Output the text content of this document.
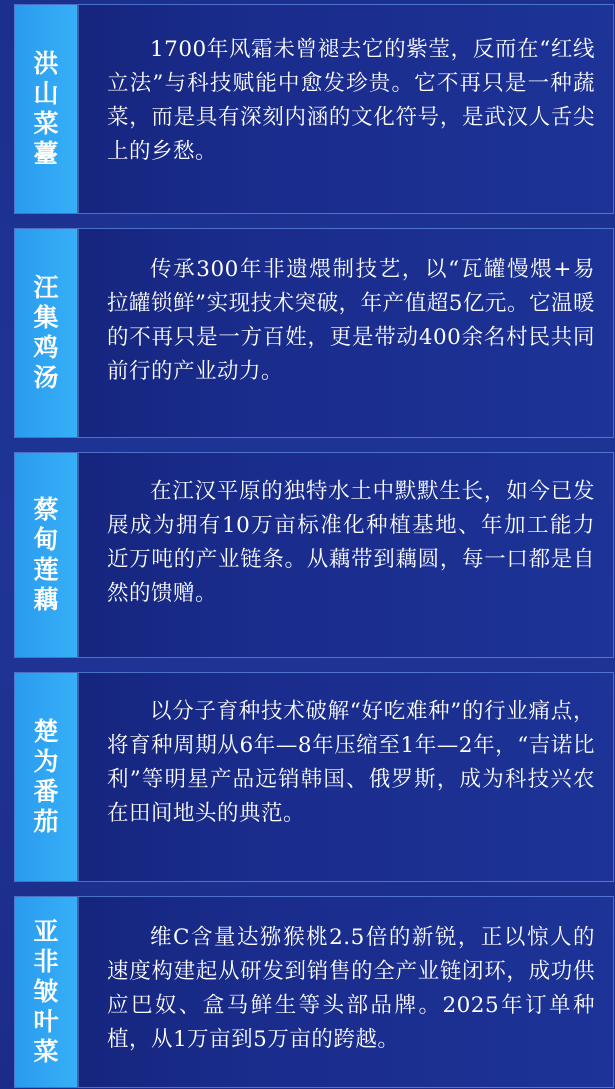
洪山菜薹

1700年风霜未曾褪去它的紫莹，反而在“红线立法”与科技赋能中愈发珍贵。它不再只是一种蔬菜，而是具有深刻内涵的文化符号，是武汉人舌尖上的乡愁。

汪集鸡汤

传承300年非遗煨制技艺，以“瓦罐慢煨+易拉罐锁鲜”实现技术突破，年产值超5亿元。它温暖的不再只是一方百姓，更是带动400余名村民共同前行的产业动力。

蔡甸莲藕

在江汉平原的独特水土中默默生长，如今已发展成为拥有10万亩标准化种植基地、年加工能力近万吨的产业链条。从藕带到藕圆，每一口都是自然的馈赠。

楚为番茄

以分子育种技术破解“好吃难种”的行业痛点，将育种周期从6年—8年压缩至1年—2年，“吉诺比利”等明星产品远销韩国、俄罗斯，成为科技兴农在田间地头的典范。

亚非皱叶菜

维C含量达猕猴桃2.5倍的新锐，正以惊人的速度构建起从研发到销售的全产业链闭环，成功供应巴奴、盒马鲜生等头部品牌。2025年订单种植，从1万亩到5万亩的跨越。
